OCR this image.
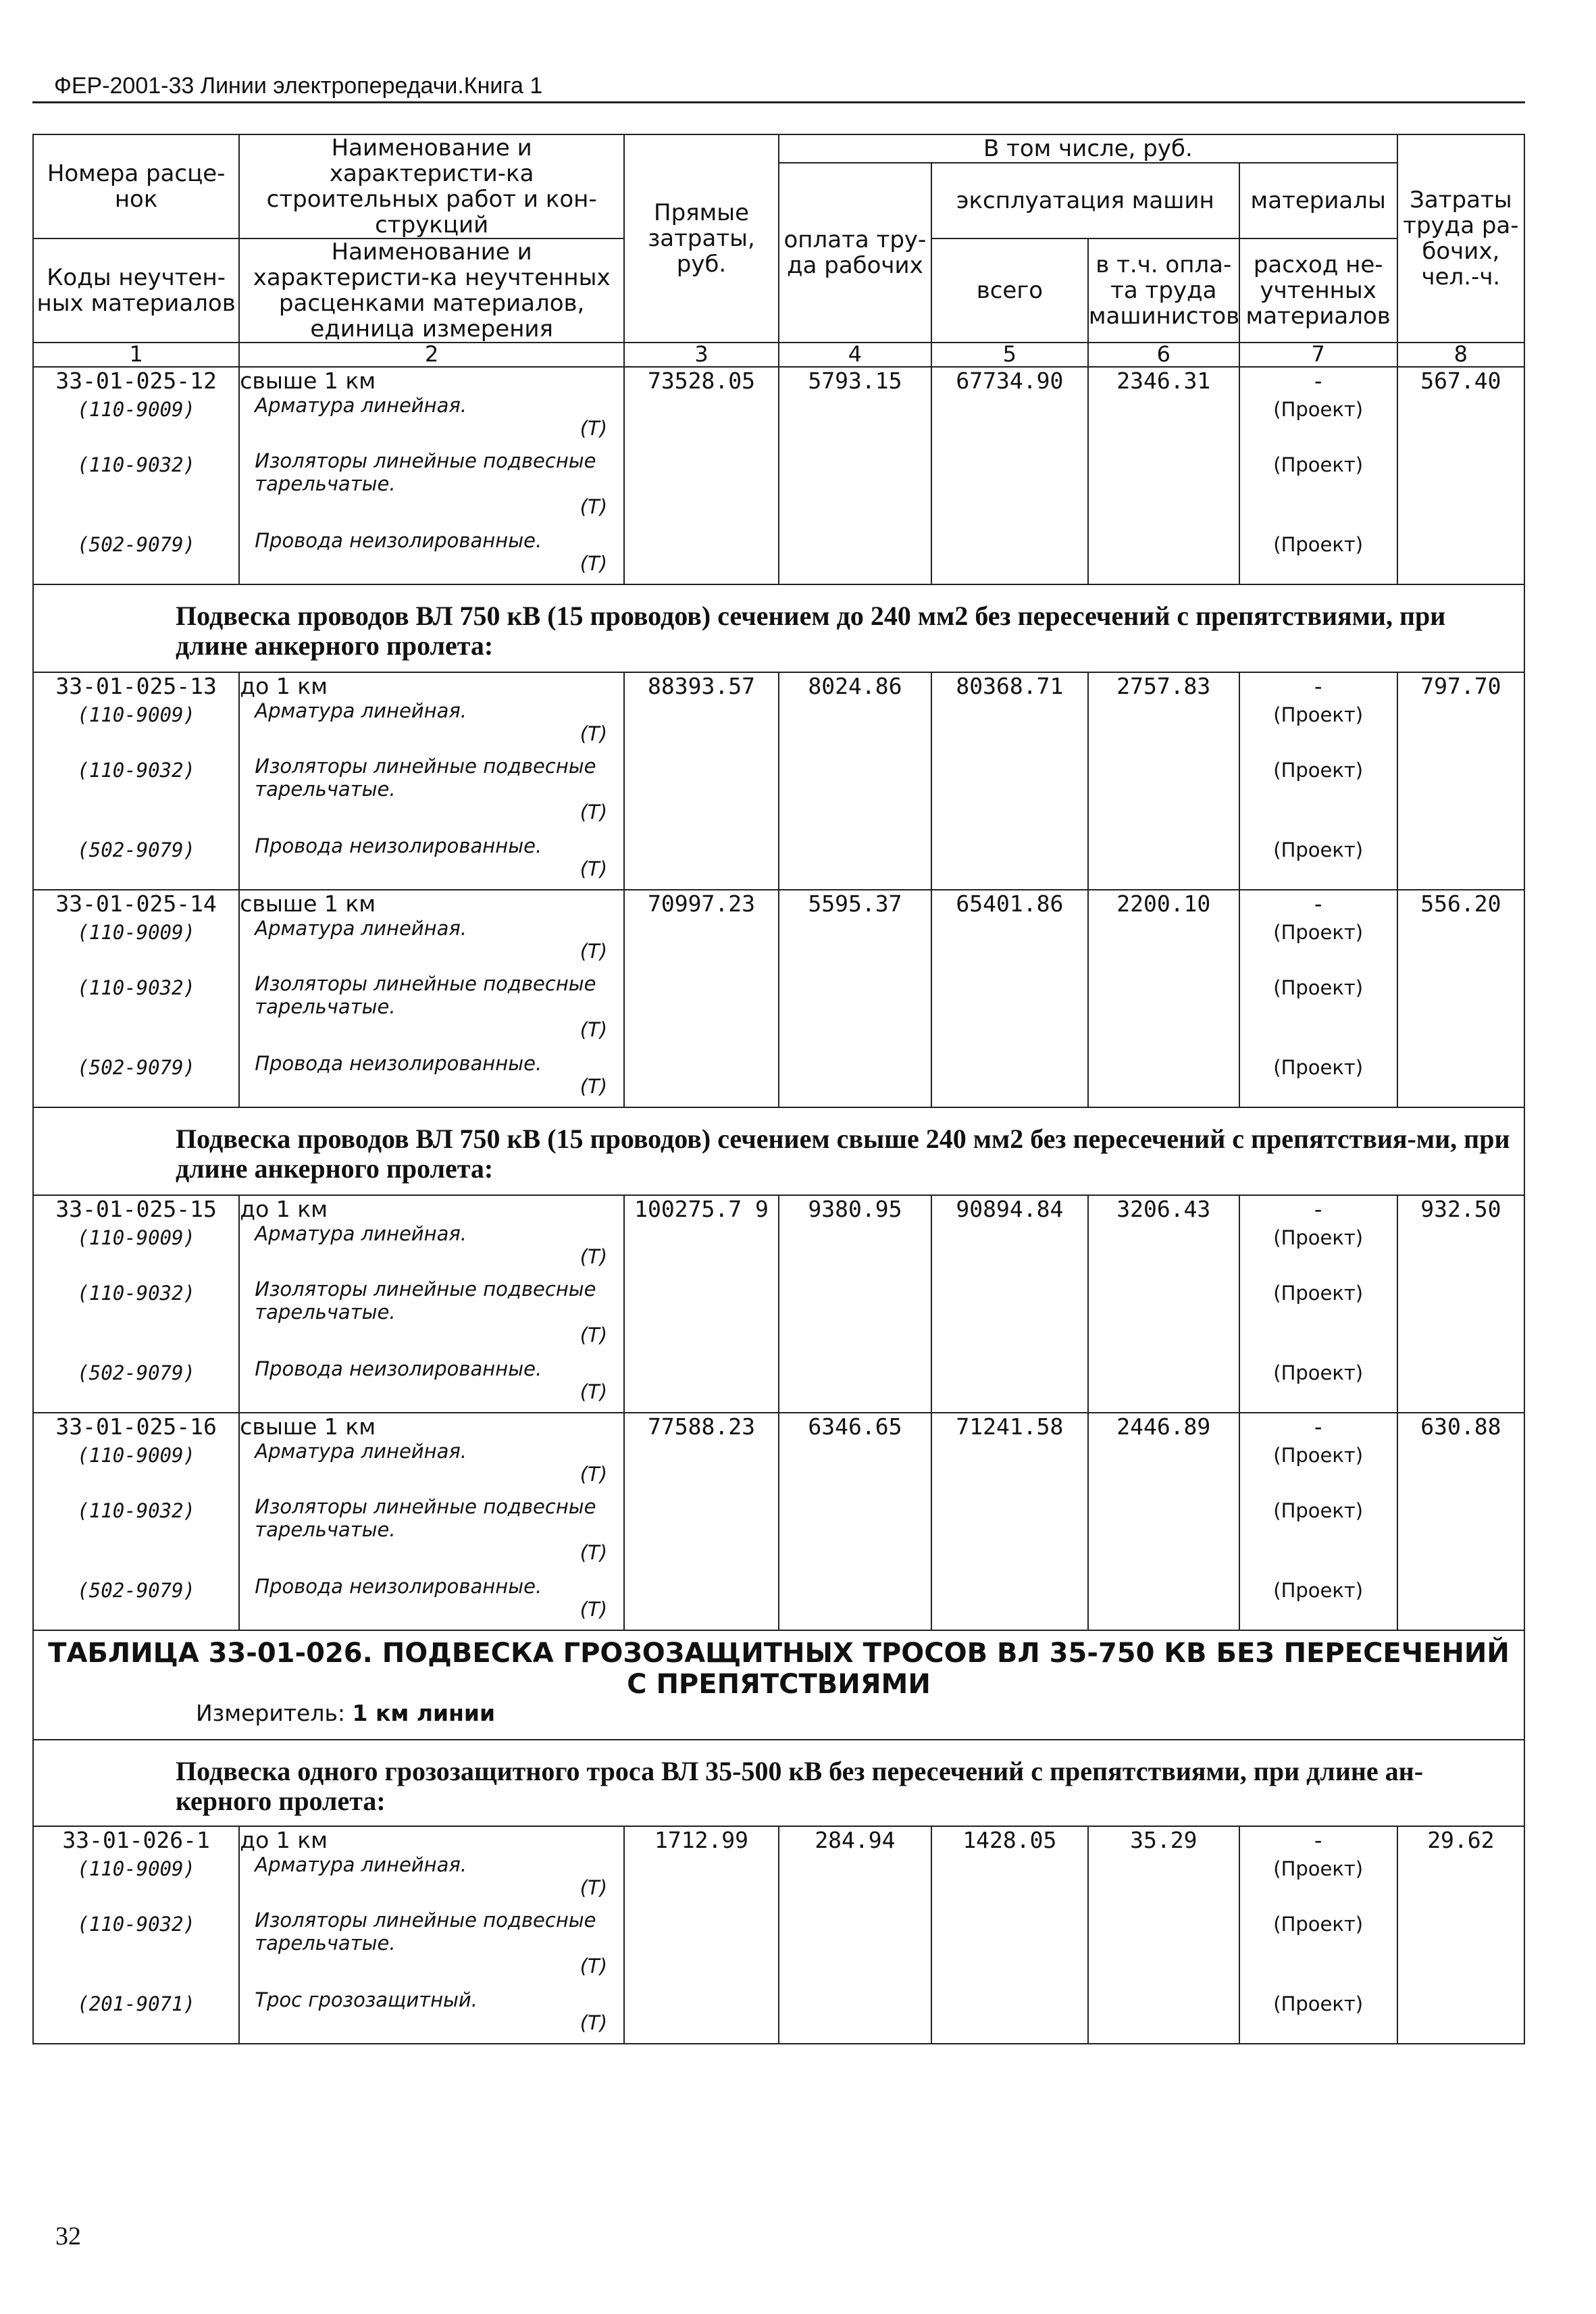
ФЕР-2001-33 Линии электропередачи.Книга 1
Номера расце-нок	Наименование и характеристи-ка строительных работ и кон-струкций	Прямые затраты, руб.	В том числе, руб.				Затраты труда ра-бочих, чел.-ч.
			оплата тру-да рабочих	эксплуатация машин		материалы	
Коды неучтен-ных материалов	Наименование и характеристи-ка неучтенных расценками материалов, единица измерения			всего	в т.ч. опла-та труда машинистов	расход не-учтенных материалов	

1	2	3	4	5	6	7	8
33-01-025-12	свыше 1 км	73528.05	5793.15	67734.90	2346.31	-	567.40
(110-9009)	Арматура линейная.
(Т)					(Проект)	
(110-9032)	Изоляторы линейные подвесные тарельчатые.
(Т)					(Проект)	
(502-9079)	Провода неизолированные.
(Т)					(Проект)	

Подвеска проводов ВЛ 750 кВ (15 проводов) сечением до 240 мм2 без пересечений с препятствиями, при длине анкерного пролета:							

33-01-025-13	до 1 км	88393.57	8024.86	80368.71	2757.83	-	797.70
(110-9009)	Арматура линейная.
(Т)					(Проект)	
(110-9032)	Изоляторы линейные подвесные тарельчатые.
(Т)					(Проект)	
(502-9079)	Провода неизолированные.
(Т)					(Проект)	
33-01-025-14	свыше 1 км	70997.23	5595.37	65401.86	2200.10	-	556.20
(110-9009)	Арматура линейная.
(Т)					(Проект)	
(110-9032)	Изоляторы линейные подвесные тарельчатые.
(Т)					(Проект)	
(502-9079)	Провода неизолированные.
(Т)					(Проект)	

Подвеска проводов ВЛ 750 кВ (15 проводов) сечением свыше 240 мм2 без пересечений с препятствия-ми, при длине анкерного пролета:							

33-01-025-15	до 1 км	100275.7 9	9380.95	90894.84	3206.43	-	932.50
(110-9009)	Арматура линейная.
(Т)					(Проект)	
(110-9032)	Изоляторы линейные подвесные тарельчатые.
(Т)					(Проект)	
(502-9079)	Провода неизолированные.
(Т)					(Проект)	
33-01-025-16	свыше 1 км	77588.23	6346.65	71241.58	2446.89	-	630.88
(110-9009)	Арматура линейная.
(Т)					(Проект)	
(110-9032)	Изоляторы линейные подвесные тарельчатые.
(Т)					(Проект)	
(502-9079)	Провода неизолированные.
(Т)					(Проект)	

ТАБЛИЦА 33-01-026. ПОДВЕСКА ГРОЗОЗАЩИТНЫХ ТРОСОВ ВЛ 35-750 КВ БЕЗ ПЕРЕСЕЧЕНИЙ С ПРЕПЯТСТВИЯМИ
Измеритель: 1 км линии							

Подвеска одного грозозащитного троса ВЛ 35-500 кВ без пересечений с препятствиями, при длине ан-керного пролета:							

33-01-026-1	до 1 км	1712.99	284.94	1428.05	35.29	-	29.62
(110-9009)	Арматура линейная.
(Т)					(Проект)	
(110-9032)	Изоляторы линейные подвесные тарельчатые.
(Т)					(Проект)	
(201-9071)	Трос грозозащитный.
(Т)					(Проект)	
32
